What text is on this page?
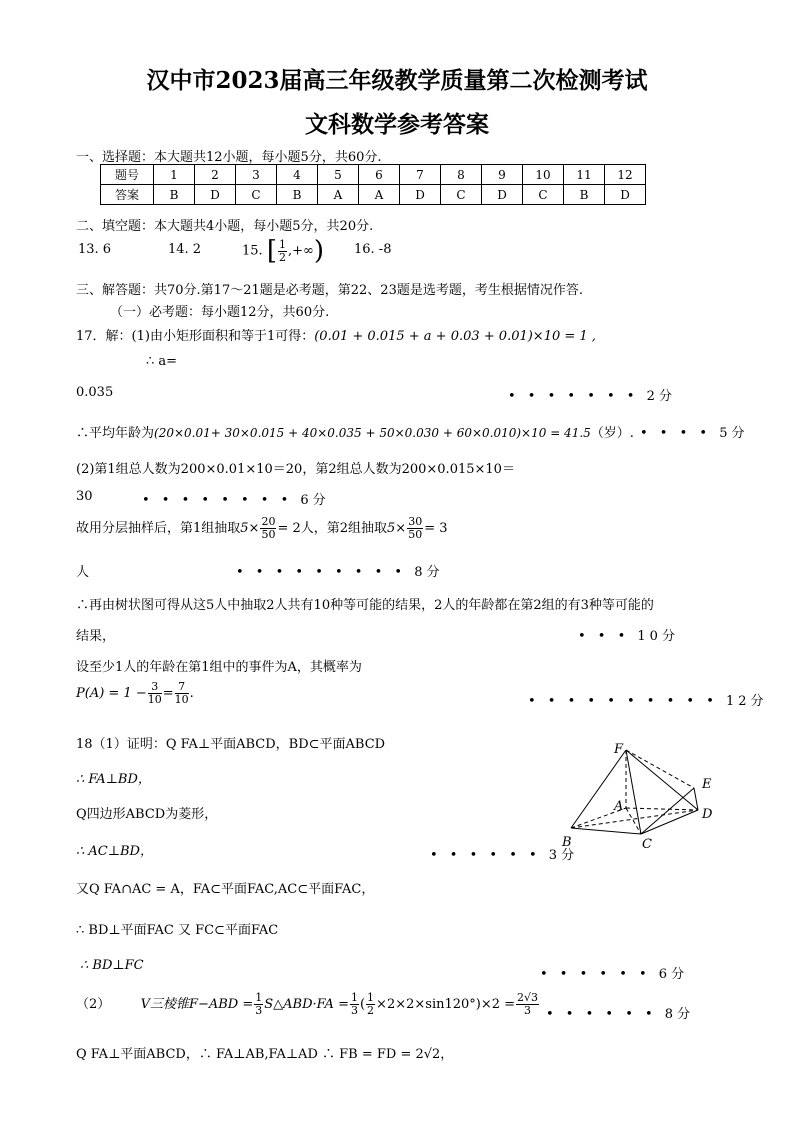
汉中市2023届高三年级教学质量第二次检测考试
文科数学参考答案
一、选择题：本大题共12小题，每小题5分，共60分.
题号	1	2	3	4	5	6	7	8	9	10	11	12
答案	B	D	C	B	A	A	D	C	D	C	B	D
二、填空题：本大题共4小题，每小题5分，共20分.
13. 6	14. 2	15. [ $\frac{1}{2}$ ,+∞) 16. -8
三、解答题：共70分.第17～21题是必考题，第22、23题是选考题，考生根据情况作答.
（一）必考题：每小题12分，共60分.
17．解：(1)由小矩形面积和等于1可得：(0.01 + 0.015 + a + 0.03 + 0.01)×10 = 1 ,
∴ a=
0.035	• • • • • • • 2分
∴平均年龄为(20×0.01+ 30×0.015 + 40×0.035 + 50×0.030 + 60×0.010)×10 = 41.5（岁）. • • • • 5分
(2)第1组总人数为200×0.01×10＝20，第2组总人数为200×0.015×10＝
30	• • • • • • • • 6分
故用分层抽样后，第1组抽取$5\times \frac{20}{50} = 2$人，第2组抽取$5\times \frac{30}{50} = 3$
人	• • • • • • • • • 8分
∴再由树状图可得从这5人中抽取2人共有10种等可能的结果，2人的年龄都在第2组的有3种等可能的
结果，	• • • 10分
设至少1人的年龄在第1组中的事件为A，其概率为
$P(A) = 1 - \frac{3}{10} = \frac{7}{10}$ .
• • • • • • • • • • 12分
18（1）证明：Q FA⊥平面ABCD，BD⊂平面ABCD
∴ FA⊥BD，
Q四边形ABCD为菱形，
∴ AC⊥BD，	• • • • • • 3分
又Q FA∩AC = A，FA⊂平面FAC,AC⊂平面FAC，
∴ BD⊥平面FAC 又 FC⊂平面FAC
∴ BD⊥FC
• • • • • • 6分
（2） V三棱锥$F-ABD = \frac{1}{3}$ S△ABD·FA = $\frac{1}{3}$ ( $\frac{1}{2} \times 2\times 2\times\sin 120^\circ)\times 2 = \frac{2√3}{3}$ • • • • • • 8分
Q FA⊥平面ABCD，∴ FA⊥AB,FA⊥AD ∴ FB = FD = 2√2，
F
E
A
D
B	C
